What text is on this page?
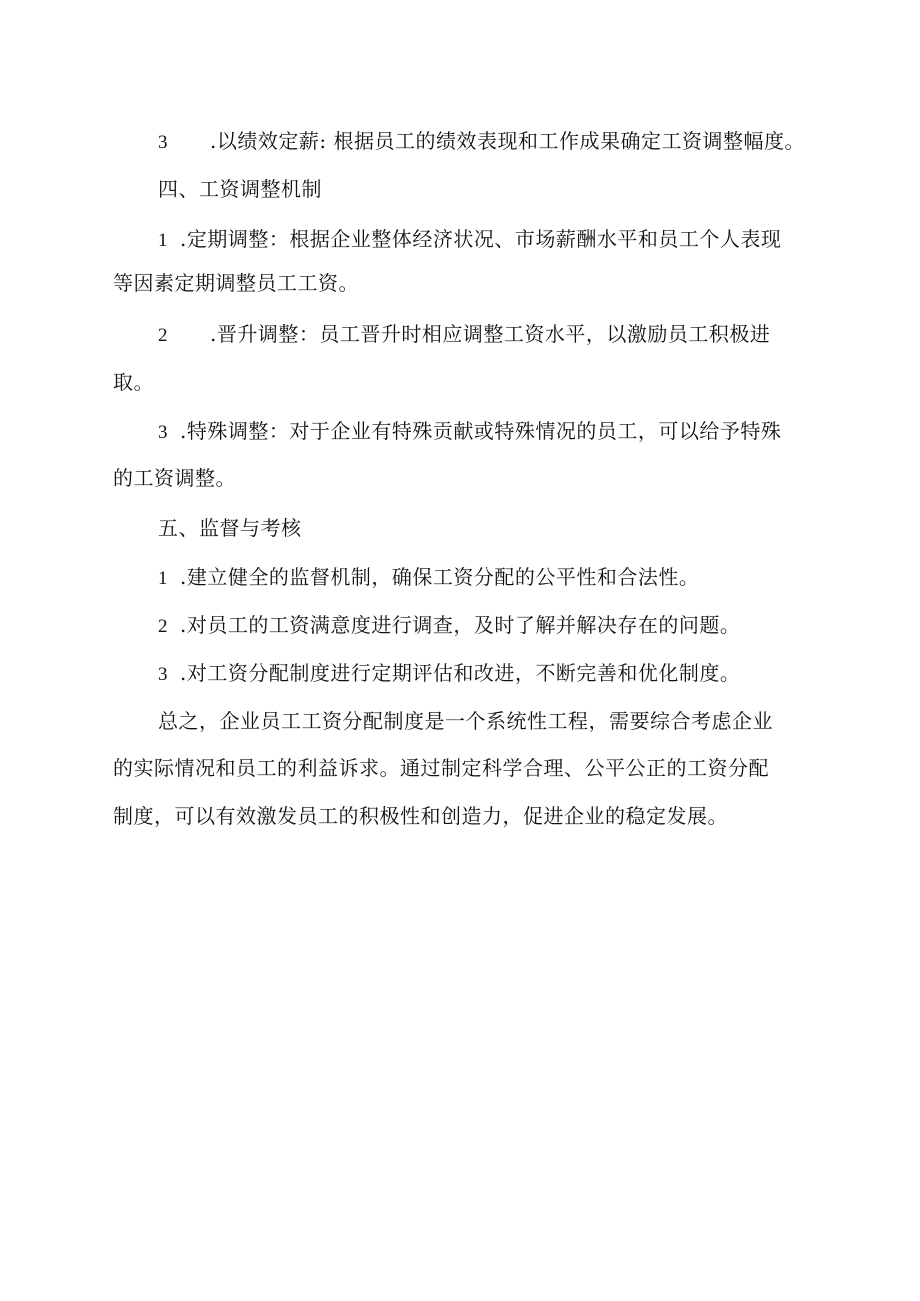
3 .以绩效定薪: 根据员工的绩效表现和工作成果确定工资调整幅度。
四、工资调整机制
1 .定期调整：根据企业整体经济状况、市场薪酬水平和员工个人表现
等因素定期调整员工工资。
2 .晋升调整：员工晋升时相应调整工资水平，以激励员工积极进
取。
3 .特殊调整：对于企业有特殊贡献或特殊情况的员工，可以给予特殊
的工资调整。
五、监督与考核
1 .建立健全的监督机制，确保工资分配的公平性和合法性。
2 .对员工的工资满意度进行调查，及时了解并解决存在的问题。
3 .对工资分配制度进行定期评估和改进，不断完善和优化制度。
总之，企业员工工资分配制度是一个系统性工程，需要综合考虑企业
的实际情况和员工的利益诉求。通过制定科学合理、公平公正的工资分配
制度，可以有效激发员工的积极性和创造力，促进企业的稳定发展。
